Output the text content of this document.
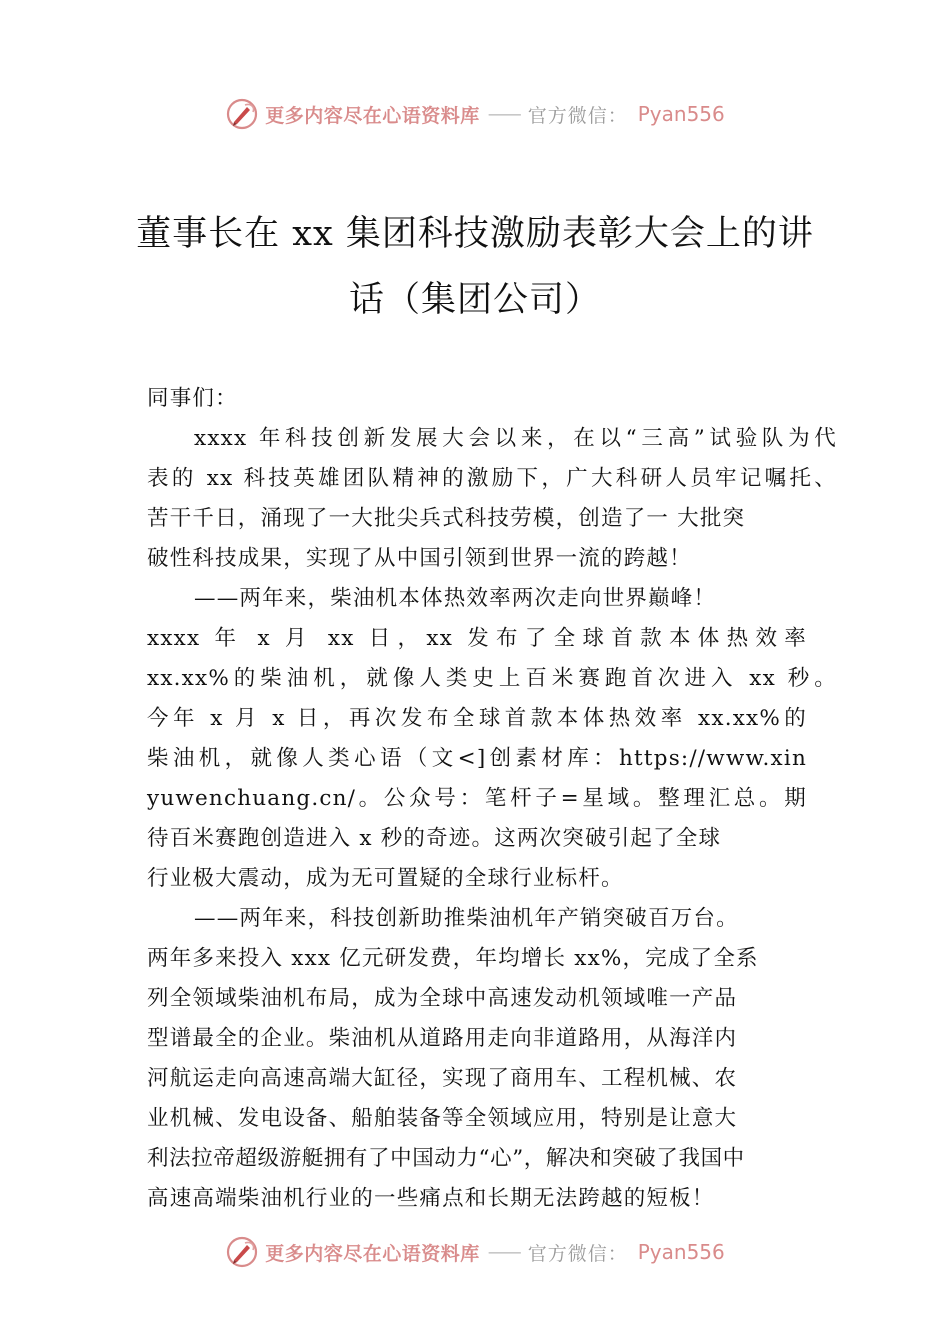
更多内容尽在心语资料库 —— 官方微信： Pyan556
董事长在 xx 集团科技激励表彰大会上的讲
话（集团公司）
同事们：
xxxx 年科技创新发展大会以来，在以“三高”试验队为代
表的 xx 科技英雄团队精神的激励下，广大科研人员牢记嘱托、
苦干千日，涌现了一大批尖兵式科技劳模，创造了一 大批突
破性科技成果，实现了从中国引领到世界一流的跨越！
——两年来，柴油机本体热效率两次走向世界巅峰！
xxxx 年 x 月 xx 日，xx 发布了全球首款本体热效率
xx.xx%的柴油机，就像人类史上百米赛跑首次进入 xx 秒。
今年 x 月 x 日，再次发布全球首款本体热效率 xx.xx%的
柴油机，就像人类心语（文<]创素材库：https://www.xin
yuwenchuang.cn/。公众号：笔杆子=星域。整理汇总。期
待百米赛跑创造进入 x 秒的奇迹。这两次突破引起了全球
行业极大震动，成为无可置疑的全球行业标杆。
——两年来，科技创新助推柴油机年产销突破百万台。
两年多来投入 xxx 亿元研发费，年均增长 xx%，完成了全系
列全领域柴油机布局，成为全球中高速发动机领域唯一产品
型谱最全的企业。柴油机从道路用走向非道路用，从海洋内
河航运走向高速高端大缸径，实现了商用车、工程机械、农
业机械、发电设备、船舶装备等全领域应用，特别是让意大
利法拉帝超级游艇拥有了中国动力“心”，解决和突破了我国中
高速高端柴油机行业的一些痛点和长期无法跨越的短板！
更多内容尽在心语资料库 —— 官方微信： Pyan556
